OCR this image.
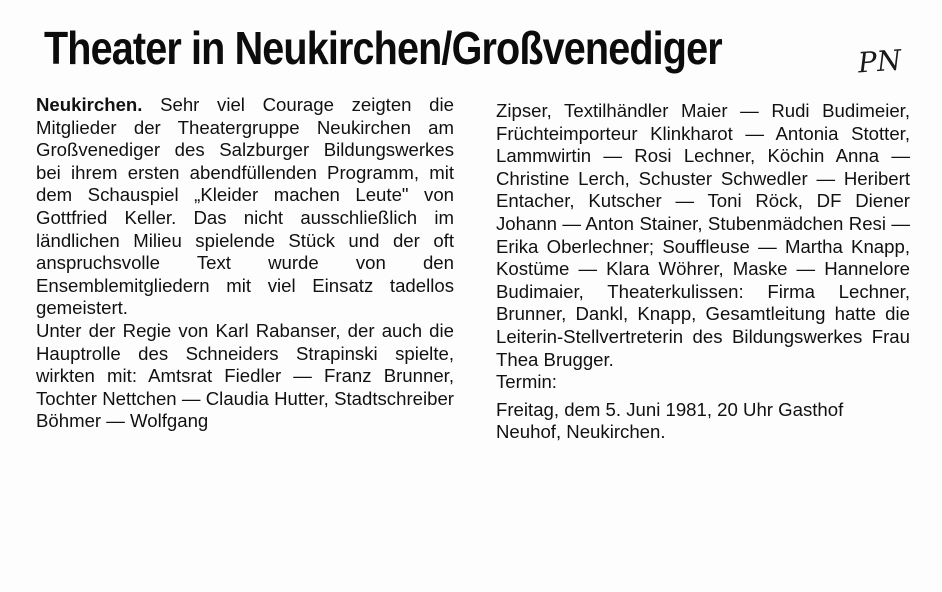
Theater in Neukirchen/Großvenediger	PN

Neukirchen. Sehr viel Courage zeigten die Mitglieder der Theatergruppe Neukirchen am Großvenediger des Salzburger Bildungswerkes bei ihrem ersten abendfüllenden Programm, mit dem Schauspiel „Kleider machen Leute" von Gottfried Keller. Das nicht ausschließlich im ländlichen Milieu spielende Stück und der oft anspruchsvolle Text wurde von den Ensemblemitgliedern mit viel Einsatz tadellos gemeistert.

Unter der Regie von Karl Rabanser, der auch die Hauptrolle des Schneiders Strapinski spielte, wirkten mit: Amtsrat Fiedler — Franz Brunner, Tochter Nettchen — Claudia Hutter, Stadtschreiber Böhmer — Wolfgang

Zipser, Textilhändler Maier — Rudi Budimeier, Früchteimporteur Klinkharot — Antonia Stotter, Lammwirtin — Rosi Lechner, Köchin Anna — Christine Lerch, Schuster Schwedler — Heribert Entacher, Kutscher — Toni Röck, DF Diener Johann — Anton Stainer, Stubenmädchen Resi — Erika Oberlechner; Souffleuse — Martha Knapp, Kostüme — Klara Wöhrer, Maske — Hannelore Budimaier, Theaterkulissen: Firma Lechner, Brunner, Dankl, Knapp, Gesamtleitung hatte die Leiterin-Stellvertreterin des Bildungswerkes Frau Thea Brugger.

Termin:

Freitag, dem 5. Juni 1981, 20 Uhr Gasthof Neuhof, Neukirchen.
